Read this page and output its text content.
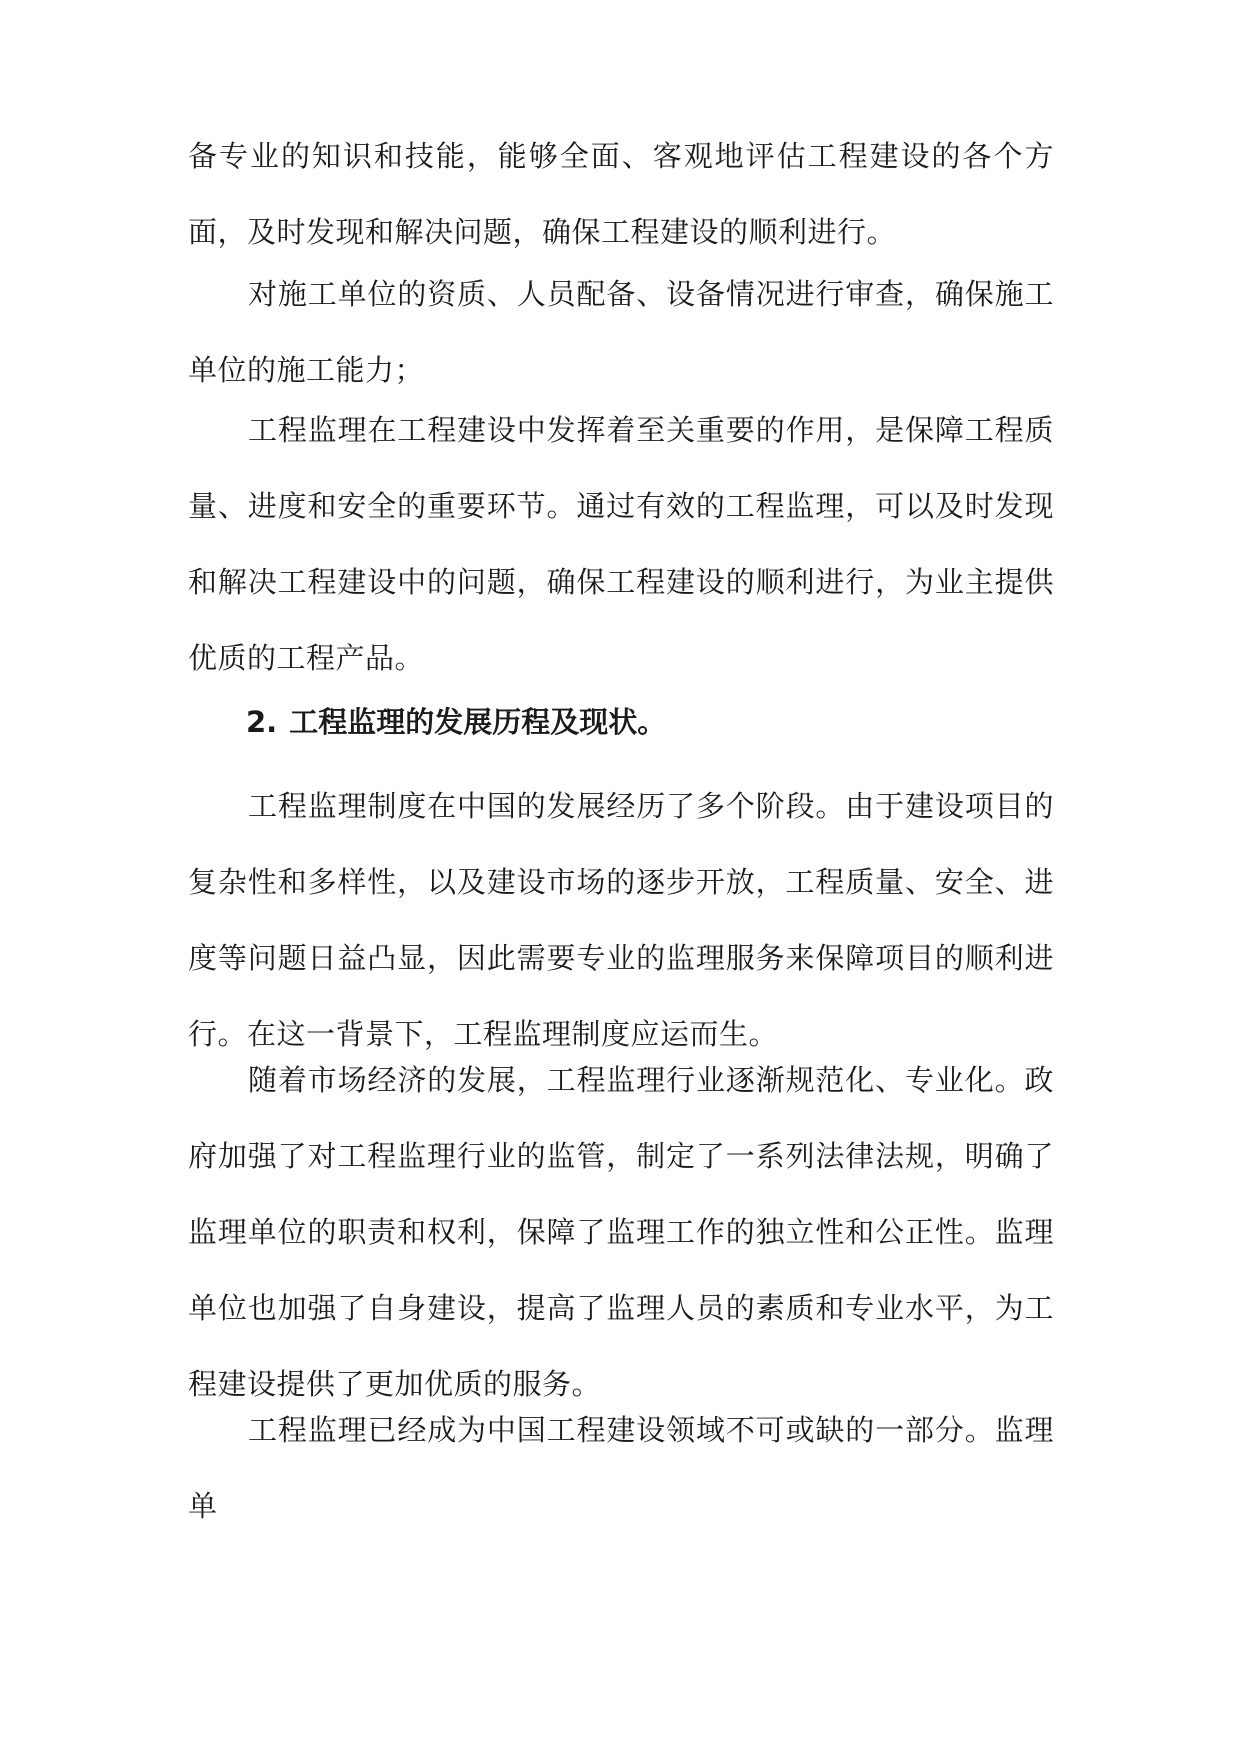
备专业的知识和技能，能够全面、客观地评估工程建设的各个方面，及时发现和解决问题，确保工程建设的顺利进行。

对施工单位的资质、人员配备、设备情况进行审查，确保施工单位的施工能力；

工程监理在工程建设中发挥着至关重要的作用，是保障工程质量、进度和安全的重要环节。通过有效的工程监理，可以及时发现和解决工程建设中的问题，确保工程建设的顺利进行，为业主提供优质的工程产品。

2. 工程监理的发展历程及现状。

工程监理制度在中国的发展经历了多个阶段。由于建设项目的复杂性和多样性，以及建设市场的逐步开放，工程质量、安全、进度等问题日益凸显，因此需要专业的监理服务来保障项目的顺利进行。在这一背景下，工程监理制度应运而生。

随着市场经济的发展，工程监理行业逐渐规范化、专业化。政府加强了对工程监理行业的监管，制定了一系列法律法规，明确了监理单位的职责和权利，保障了监理工作的独立性和公正性。监理单位也加强了自身建设，提高了监理人员的素质和专业水平，为工程建设提供了更加优质的服务。

工程监理已经成为中国工程建设领域不可或缺的一部分。监理单
